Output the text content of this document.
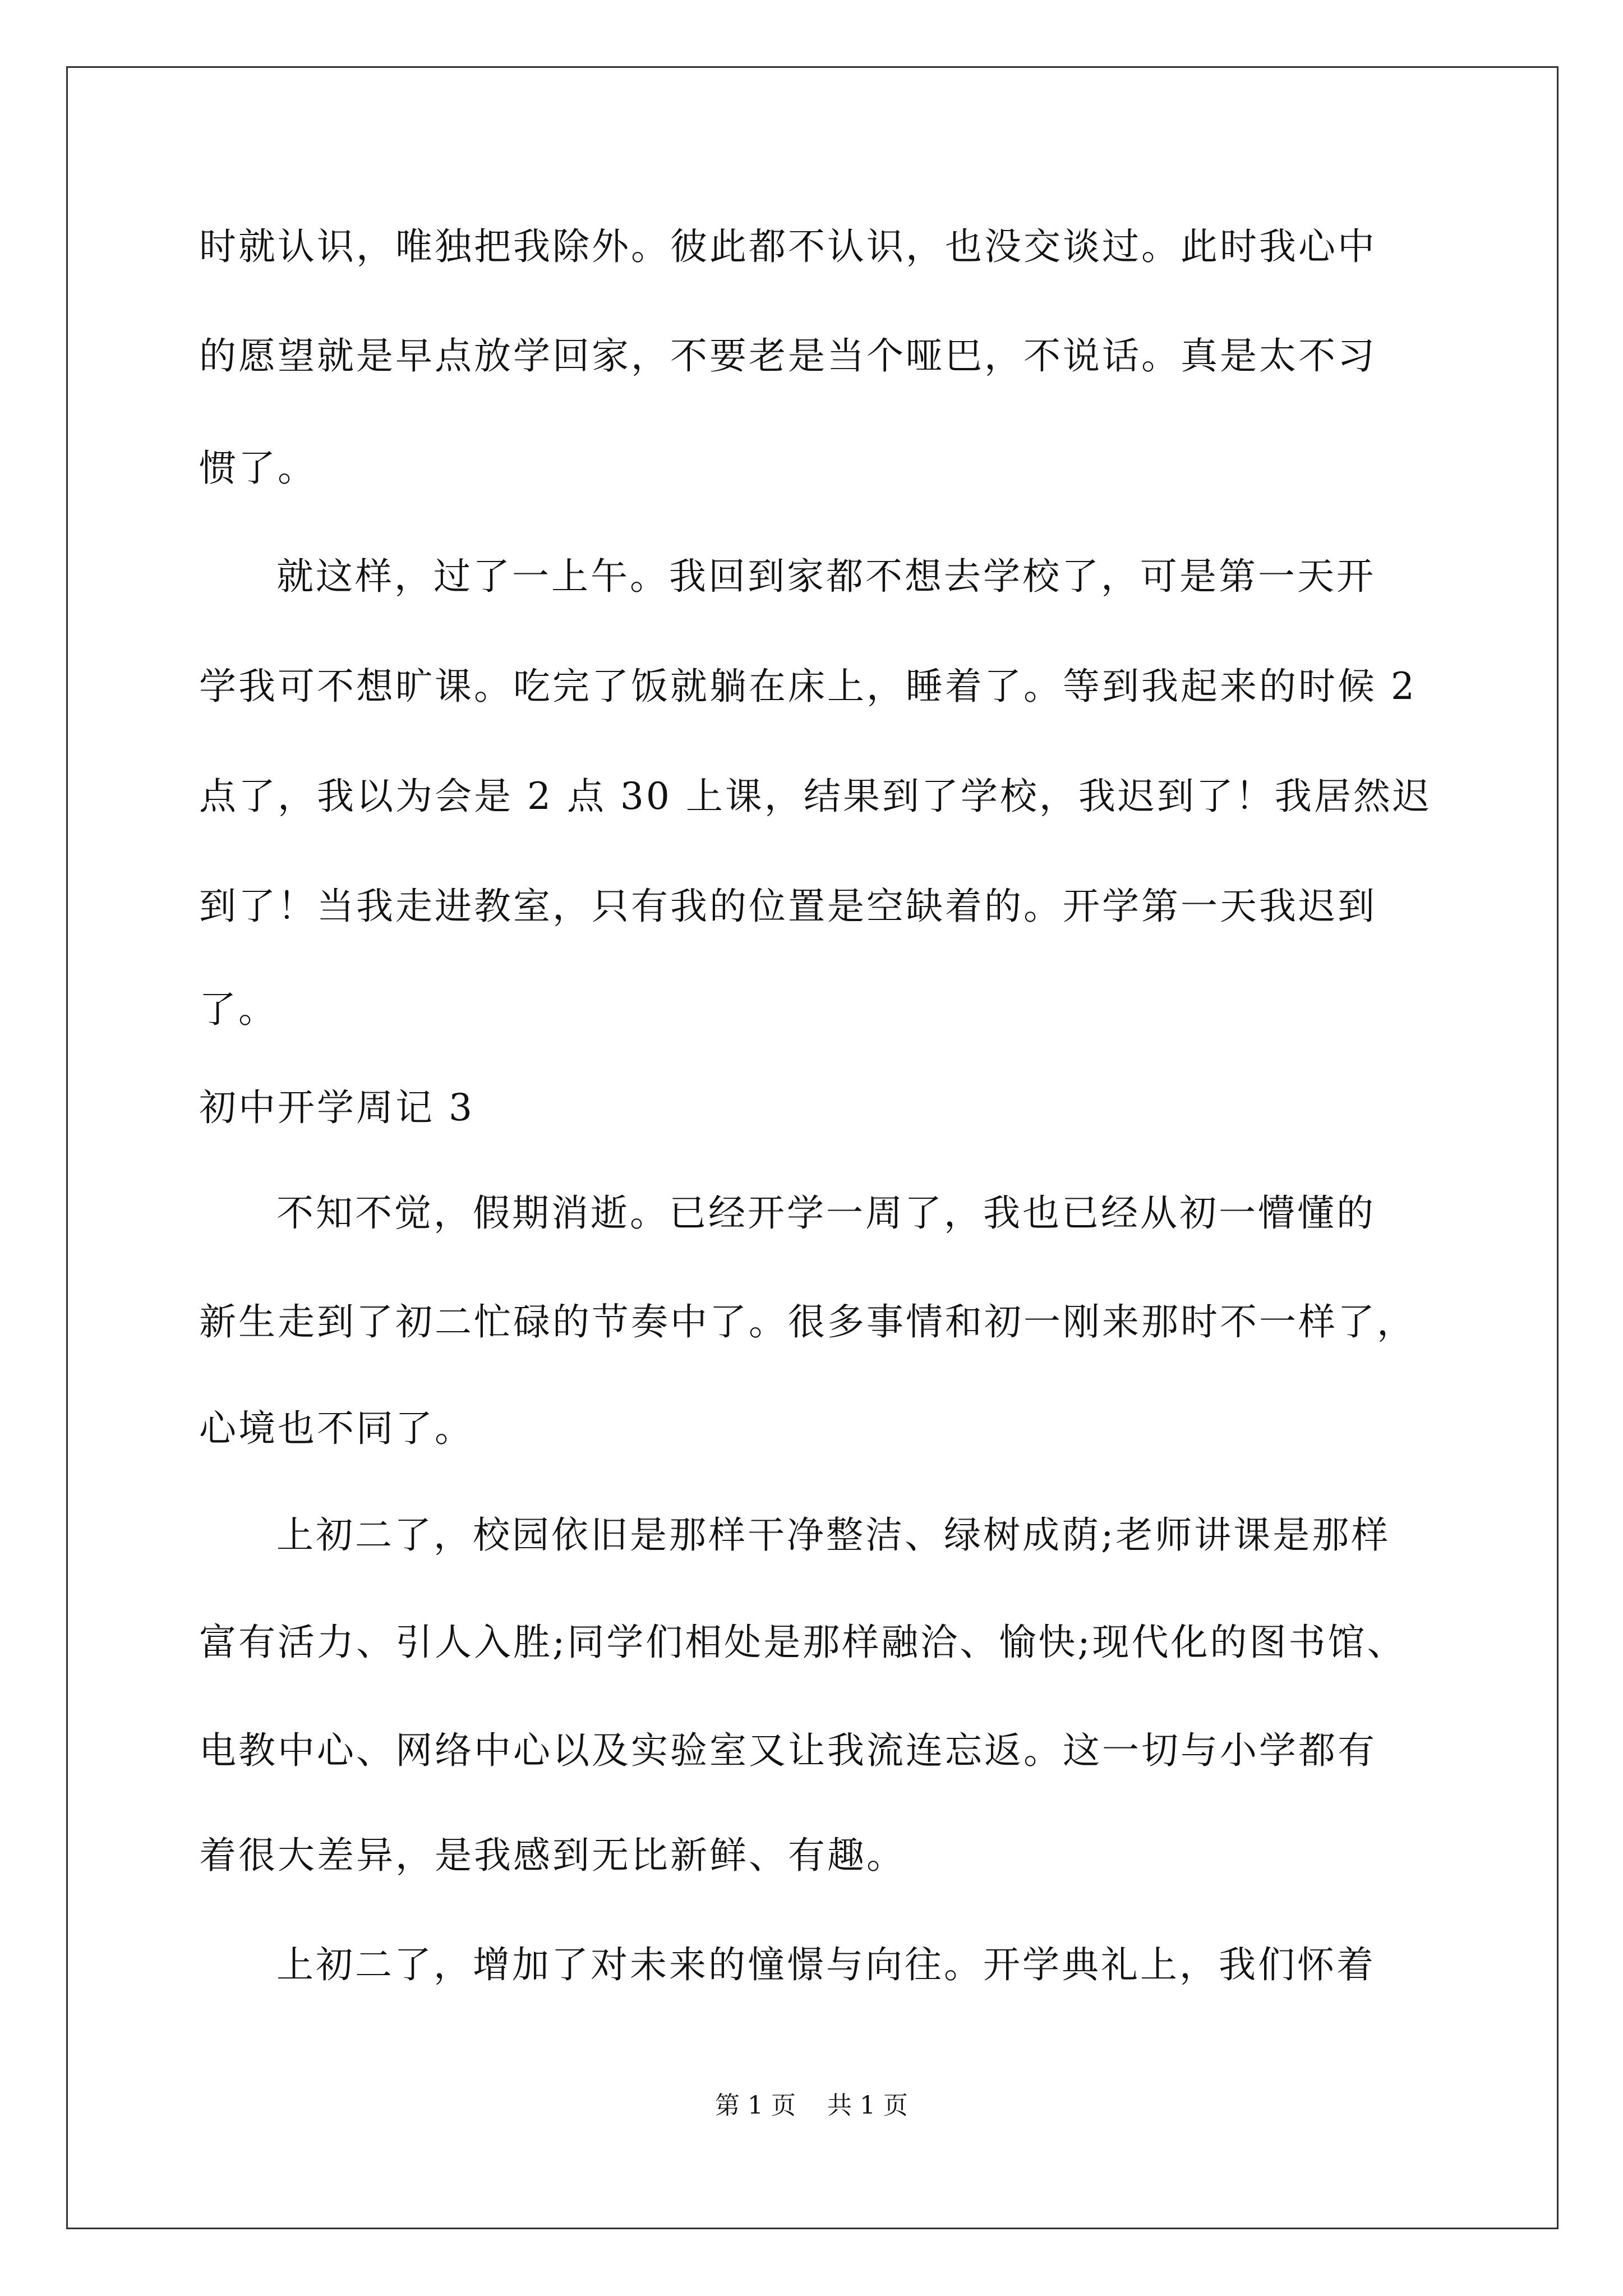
时就认识，唯独把我除外。彼此都不认识，也没交谈过。此时我心中
的愿望就是早点放学回家，不要老是当个哑巴，不说话。真是太不习
惯了。
就这样，过了一上午。我回到家都不想去学校了，可是第一天开
学我可不想旷课。吃完了饭就躺在床上，睡着了。等到我起来的时候 2
点了，我以为会是 2 点 30 上课，结果到了学校，我迟到了！我居然迟
到了！当我走进教室，只有我的位置是空缺着的。开学第一天我迟到
了。
初中开学周记 3
不知不觉，假期消逝。已经开学一周了，我也已经从初一懵懂的
新生走到了初二忙碌的节奏中了。很多事情和初一刚来那时不一样了，
心境也不同了。
上初二了，校园依旧是那样干净整洁、绿树成荫;老师讲课是那样
富有活力、引人入胜;同学们相处是那样融洽、愉快;现代化的图书馆、
电教中心、网络中心以及实验室又让我流连忘返。这一切与小学都有
着很大差异，是我感到无比新鲜、有趣。
上初二了，增加了对未来的憧憬与向往。开学典礼上，我们怀着
第 1 页    共 1 页
